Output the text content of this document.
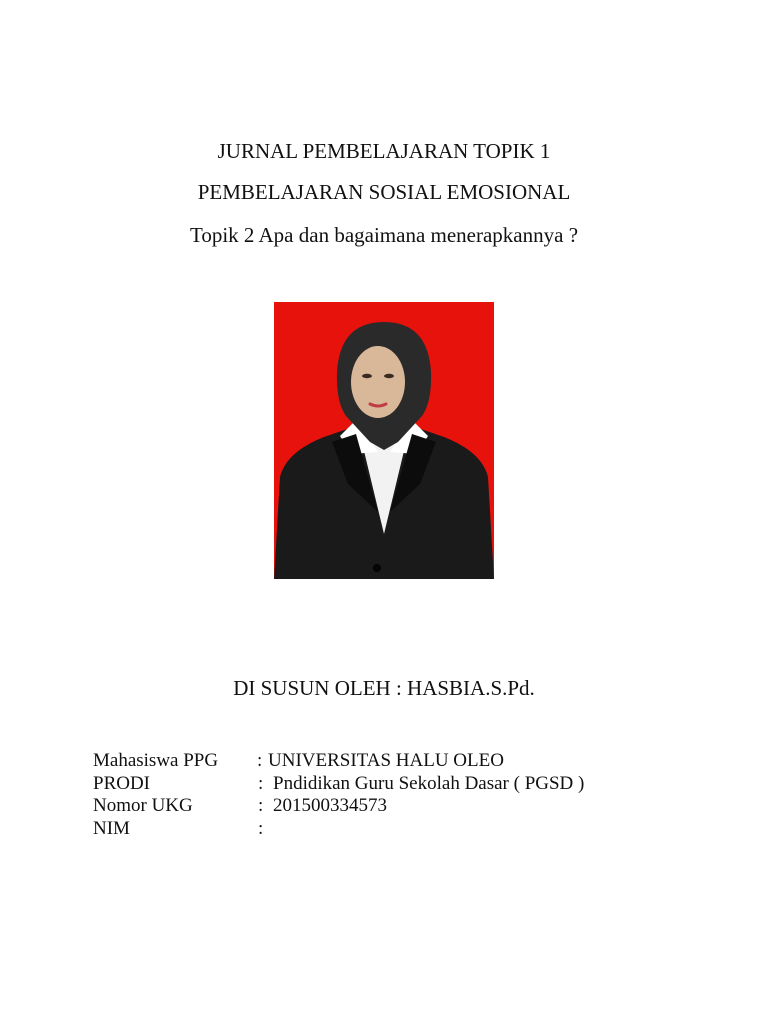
JURNAL PEMBELAJARAN TOPIK 1
PEMBELAJARAN SOSIAL EMOSIONAL
Topik 2 Apa dan bagaimana menerapkannya ?
DI SUSUN OLEH : HASBIA.S.Pd.
Mahasiswa PPG : UNIVERSITAS HALU OLEO
PRODI	: Pndidikan Guru Sekolah Dasar ( PGSD )
Nomor UKG	: 201500334573
NIM	:
